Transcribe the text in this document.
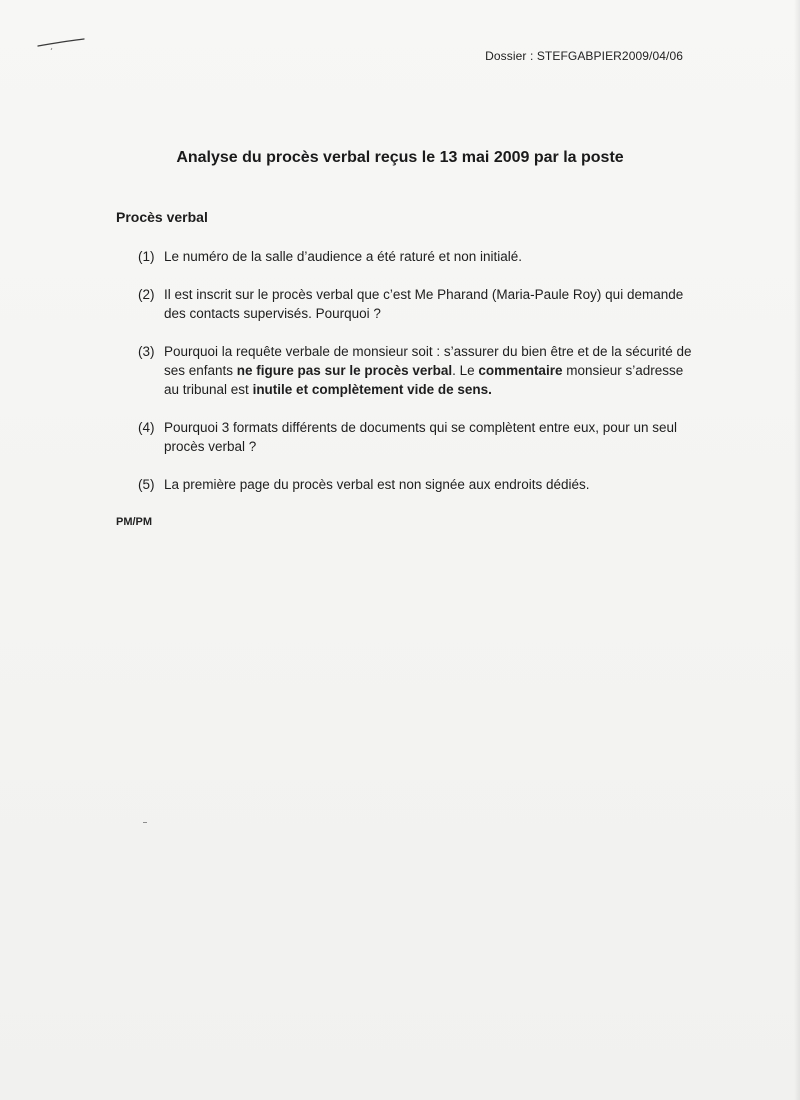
Dossier : STEFGABPIER2009/04/06
Analyse du procès verbal reçus le 13 mai 2009 par la poste
Procès verbal
(1) Le numéro de la salle d’audience a été raturé et non initialé.
(2) Il est inscrit sur le procès verbal que c’est Me Pharand (Maria-Paule Roy) qui demande des contacts supervisés. Pourquoi ?
(3) Pourquoi la requête verbale de monsieur soit : s’assurer du bien être et de la sécurité de ses enfants ne figure pas sur le procès verbal. Le commentaire monsieur s’adresse au tribunal est inutile et complètement vide de sens.
(4) Pourquoi 3 formats différents de documents qui se complètent entre eux, pour un seul procès verbal ?
(5) La première page du procès verbal est non signée aux endroits dédiés.
PM/PM
